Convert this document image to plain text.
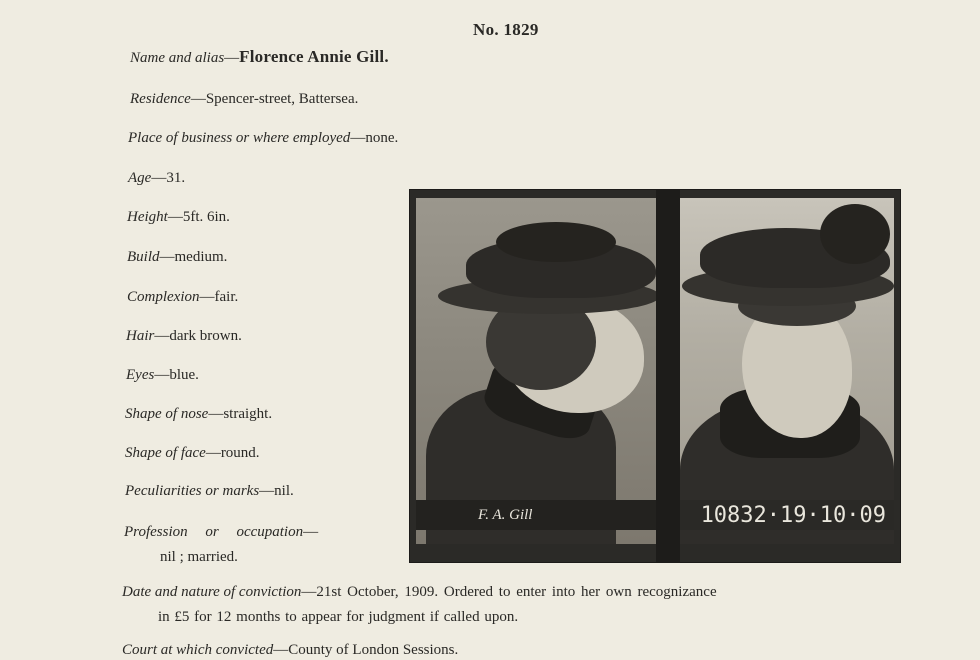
No. 1829
Name and alias—Florence Annie Gill.
Residence—Spencer-street, Battersea.
Place of business or where employed—none.
Age—31.
Height—5ft. 6in.
Build—medium.
Complexion—fair.
Hair—dark brown.
Eyes—blue.
Shape of nose—straight.
Shape of face—round.
Peculiarities or marks—nil.
Profession or occupation—
nil ; married.
Date and nature of conviction—21st October, 1909. Ordered to enter into her own recognizance
in £5 for 12 months to appear for judgment if called upon.
Court at which convicted—County of London Sessions.
F. A. Gill	10832·19·10·09
